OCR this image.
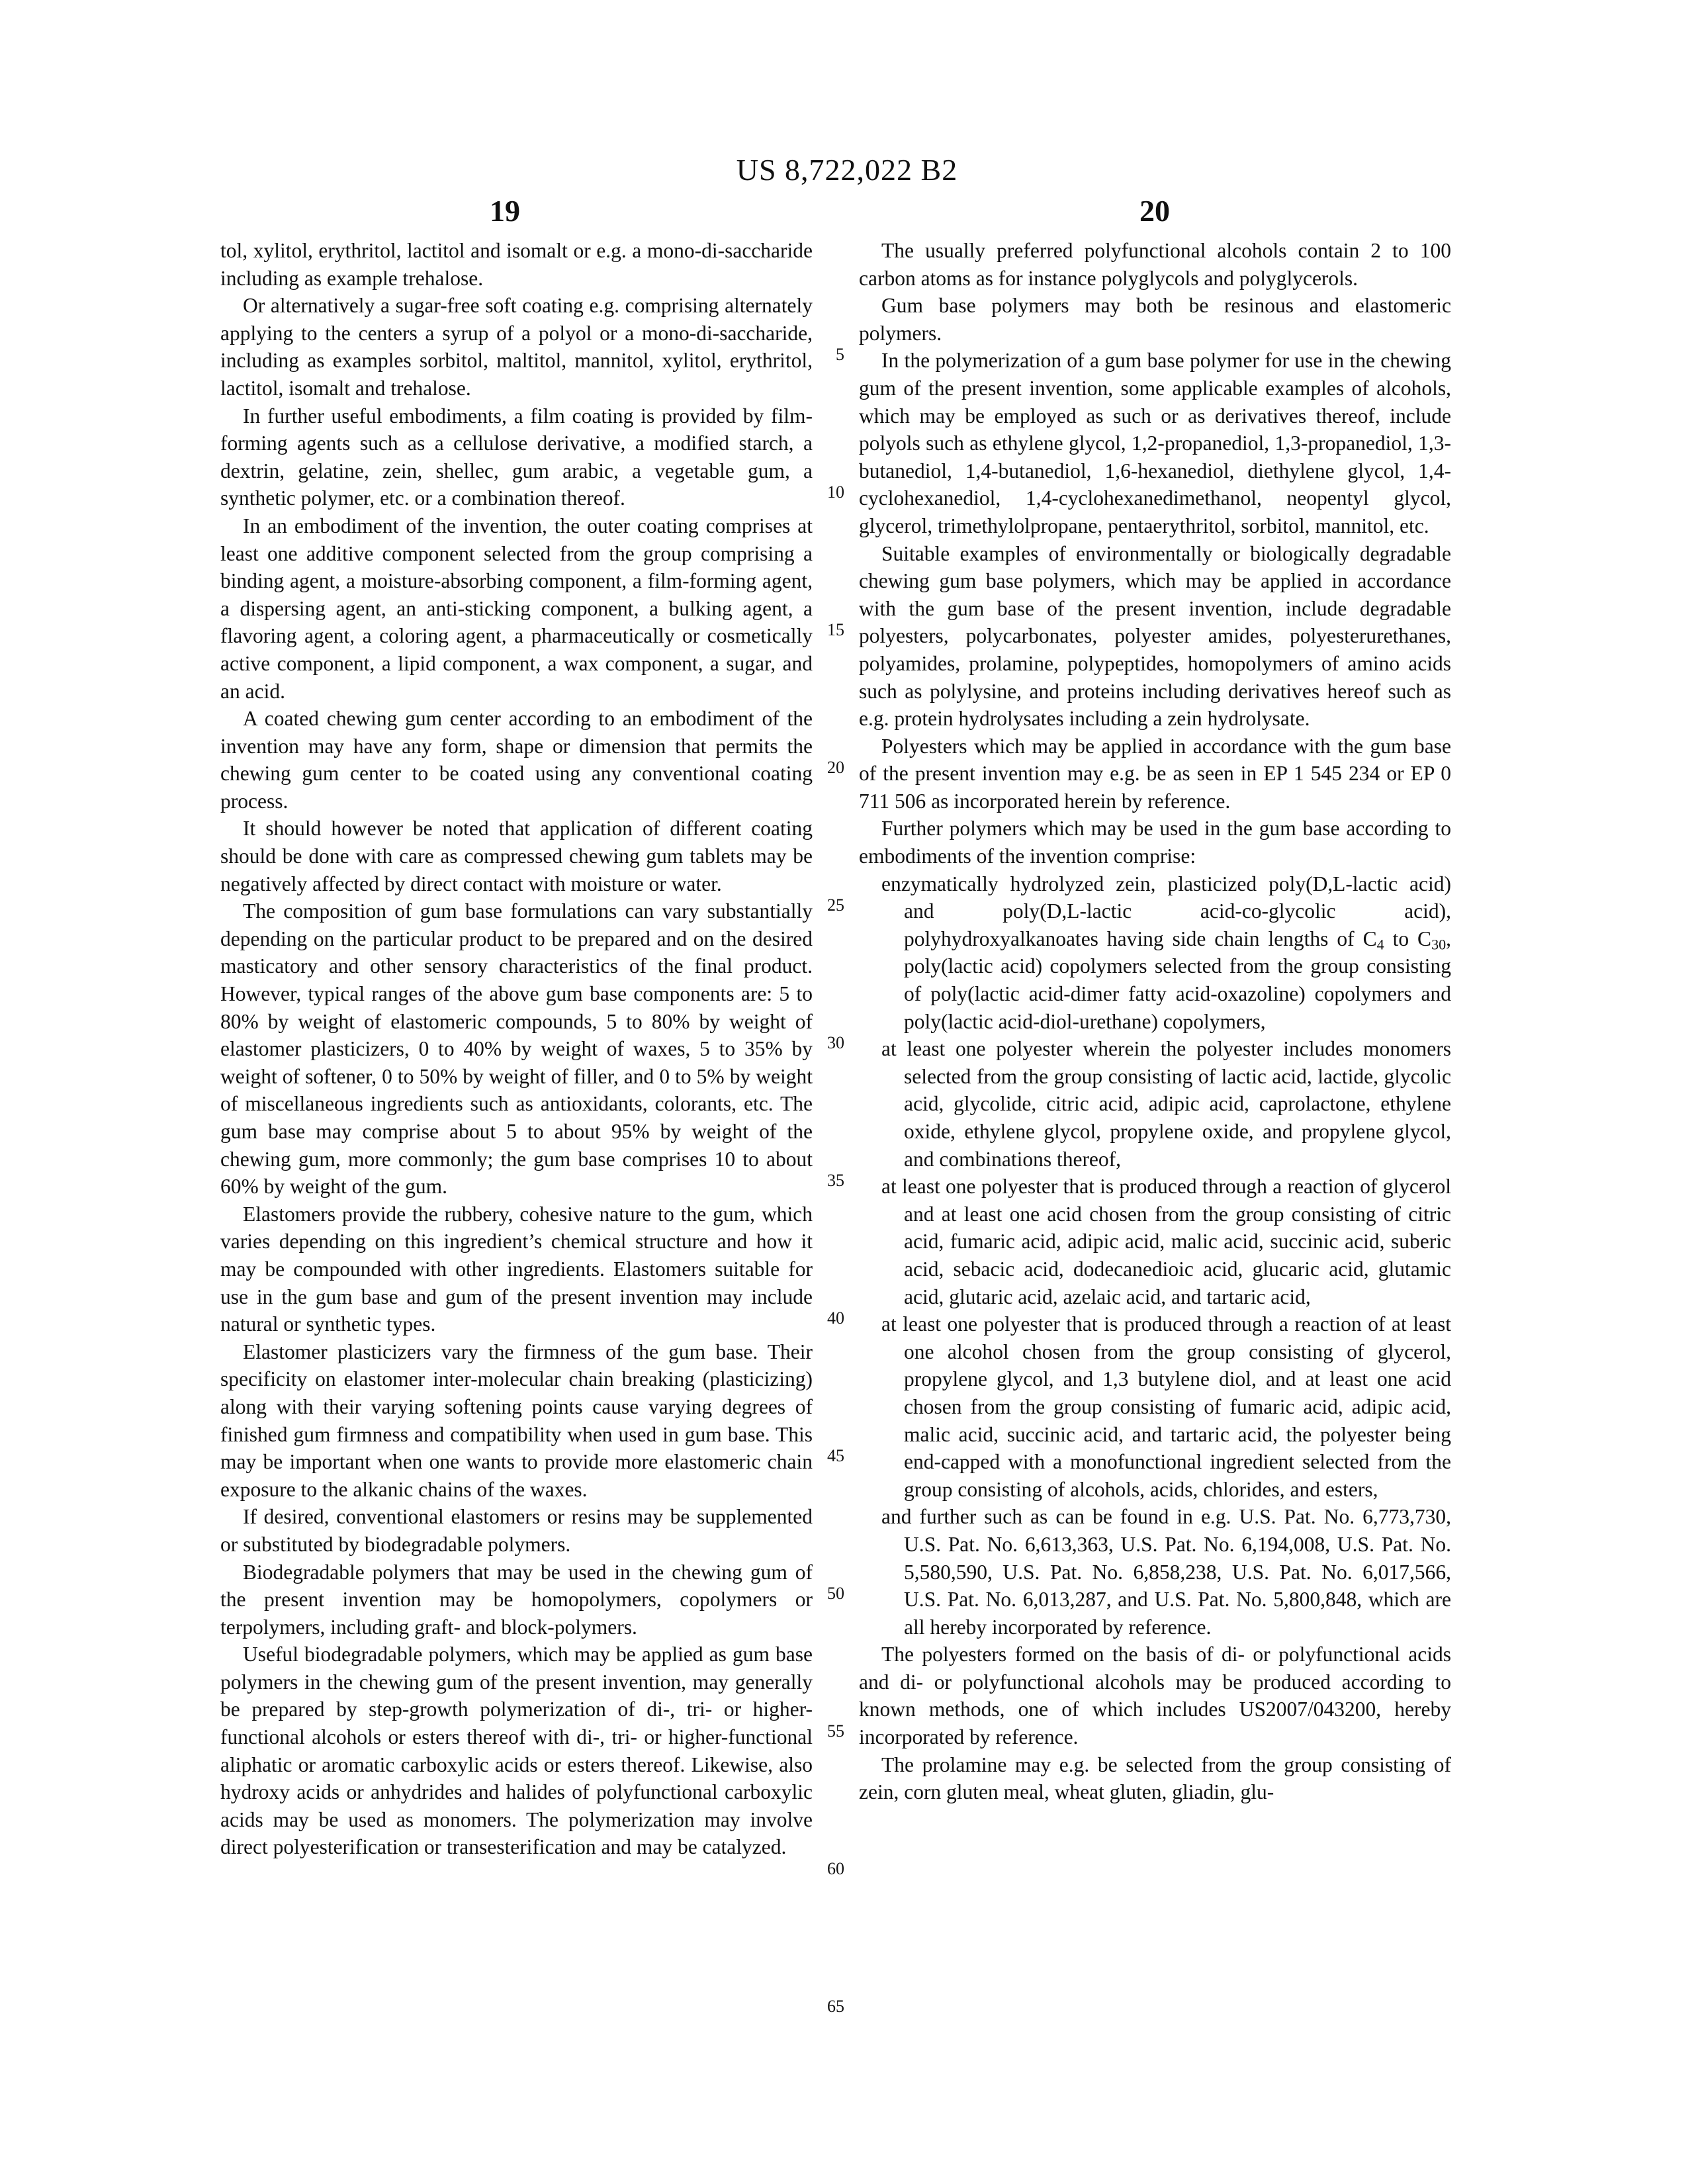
US 8,722,022 B2
19	20

tol, xylitol, erythritol, lactitol and isomalt or e.g. a mono-di-saccharide including as example trehalose.

Or alternatively a sugar-free soft coating e.g. comprising alternately applying to the centers a syrup of a polyol or a mono-di-saccharide, including as examples sorbitol, maltitol, mannitol, xylitol, erythritol, lactitol, isomalt and trehalose.

In further useful embodiments, a film coating is provided by film-forming agents such as a cellulose derivative, a modified starch, a dextrin, gelatine, zein, shellec, gum arabic, a vegetable gum, a synthetic polymer, etc. or a combination thereof.

In an embodiment of the invention, the outer coating comprises at least one additive component selected from the group comprising a binding agent, a moisture-absorbing component, a film-forming agent, a dispersing agent, an anti-sticking component, a bulking agent, a flavoring agent, a coloring agent, a pharmaceutically or cosmetically active component, a lipid component, a wax component, a sugar, and an acid.

A coated chewing gum center according to an embodiment of the invention may have any form, shape or dimension that permits the chewing gum center to be coated using any conventional coating process.

It should however be noted that application of different coating should be done with care as compressed chewing gum tablets may be negatively affected by direct contact with moisture or water.

The composition of gum base formulations can vary substantially depending on the particular product to be prepared and on the desired masticatory and other sensory characteristics of the final product. However, typical ranges of the above gum base components are: 5 to 80% by weight of elastomeric compounds, 5 to 80% by weight of elastomer plasticizers, 0 to 40% by weight of waxes, 5 to 35% by weight of softener, 0 to 50% by weight of filler, and 0 to 5% by weight of miscellaneous ingredients such as antioxidants, colorants, etc. The gum base may comprise about 5 to about 95% by weight of the chewing gum, more commonly; the gum base comprises 10 to about 60% by weight of the gum.

Elastomers provide the rubbery, cohesive nature to the gum, which varies depending on this ingredient’s chemical structure and how it may be compounded with other ingredients. Elastomers suitable for use in the gum base and gum of the present invention may include natural or synthetic types.

Elastomer plasticizers vary the firmness of the gum base. Their specificity on elastomer inter-molecular chain breaking (plasticizing) along with their varying softening points cause varying degrees of finished gum firmness and compatibility when used in gum base. This may be important when one wants to provide more elastomeric chain exposure to the alkanic chains of the waxes.

If desired, conventional elastomers or resins may be supplemented or substituted by biodegradable polymers.

Biodegradable polymers that may be used in the chewing gum of the present invention may be homopolymers, copolymers or terpolymers, including graft- and block-polymers.

Useful biodegradable polymers, which may be applied as gum base polymers in the chewing gum of the present invention, may generally be prepared by step-growth polymerization of di-, tri- or higher-functional alcohols or esters thereof with di-, tri- or higher-functional aliphatic or aromatic carboxylic acids or esters thereof. Likewise, also hydroxy acids or anhydrides and halides of polyfunctional carboxylic acids may be used as monomers. The polymerization may involve direct polyesterification or transesterification and may be catalyzed.

5
10
15
20
25
30
35
40
45
50
55
60
65

The usually preferred polyfunctional alcohols contain 2 to 100 carbon atoms as for instance polyglycols and polyglycerols.

Gum base polymers may both be resinous and elastomeric polymers.

In the polymerization of a gum base polymer for use in the chewing gum of the present invention, some applicable examples of alcohols, which may be employed as such or as derivatives thereof, include polyols such as ethylene glycol, 1,2-propanediol, 1,3-propanediol, 1,3-butanediol, 1,4-butanediol, 1,6-hexanediol, diethylene glycol, 1,4-cyclohexanediol, 1,4-cyclohexanedimethanol, neopentyl glycol, glycerol, trimethylolpropane, pentaerythritol, sorbitol, mannitol, etc.

Suitable examples of environmentally or biologically degradable chewing gum base polymers, which may be applied in accordance with the gum base of the present invention, include degradable polyesters, polycarbonates, polyester amides, polyesterurethanes, polyamides, prolamine, polypeptides, homopolymers of amino acids such as polylysine, and proteins including derivatives hereof such as e.g. protein hydrolysates including a zein hydrolysate.

Polyesters which may be applied in accordance with the gum base of the present invention may e.g. be as seen in EP 1 545 234 or EP 0 711 506 as incorporated herein by reference.

Further polymers which may be used in the gum base according to embodiments of the invention comprise:

enzymatically hydrolyzed zein, plasticized poly(D,L-lactic acid) and poly(D,L-lactic acid-co-glycolic acid), polyhydroxyalkanoates having side chain lengths of $C_4$ to $C_{30}$, poly(lactic acid) copolymers selected from the group consisting of poly(lactic acid-dimer fatty acid-oxazoline) copolymers and poly(lactic acid-diol-urethane) copolymers,

at least one polyester wherein the polyester includes monomers selected from the group consisting of lactic acid, lactide, glycolic acid, glycolide, citric acid, adipic acid, caprolactone, ethylene oxide, ethylene glycol, propylene oxide, and propylene glycol, and combinations thereof,

at least one polyester that is produced through a reaction of glycerol and at least one acid chosen from the group consisting of citric acid, fumaric acid, adipic acid, malic acid, succinic acid, suberic acid, sebacic acid, dodecanedioic acid, glucaric acid, glutamic acid, glutaric acid, azelaic acid, and tartaric acid,

at least one polyester that is produced through a reaction of at least one alcohol chosen from the group consisting of glycerol, propylene glycol, and 1,3 butylene diol, and at least one acid chosen from the group consisting of fumaric acid, adipic acid, malic acid, succinic acid, and tartaric acid, the polyester being end-capped with a monofunctional ingredient selected from the group consisting of alcohols, acids, chlorides, and esters,

and further such as can be found in e.g. U.S. Pat. No. 6,773,730, U.S. Pat. No. 6,613,363, U.S. Pat. No. 6,194,008, U.S. Pat. No. 5,580,590, U.S. Pat. No. 6,858,238, U.S. Pat. No. 6,017,566, U.S. Pat. No. 6,013,287, and U.S. Pat. No. 5,800,848, which are all hereby incorporated by reference.

The polyesters formed on the basis of di- or polyfunctional acids and di- or polyfunctional alcohols may be produced according to known methods, one of which includes US2007/043200, hereby incorporated by reference.

The prolamine may e.g. be selected from the group consisting of zein, corn gluten meal, wheat gluten, gliadin, glu-
